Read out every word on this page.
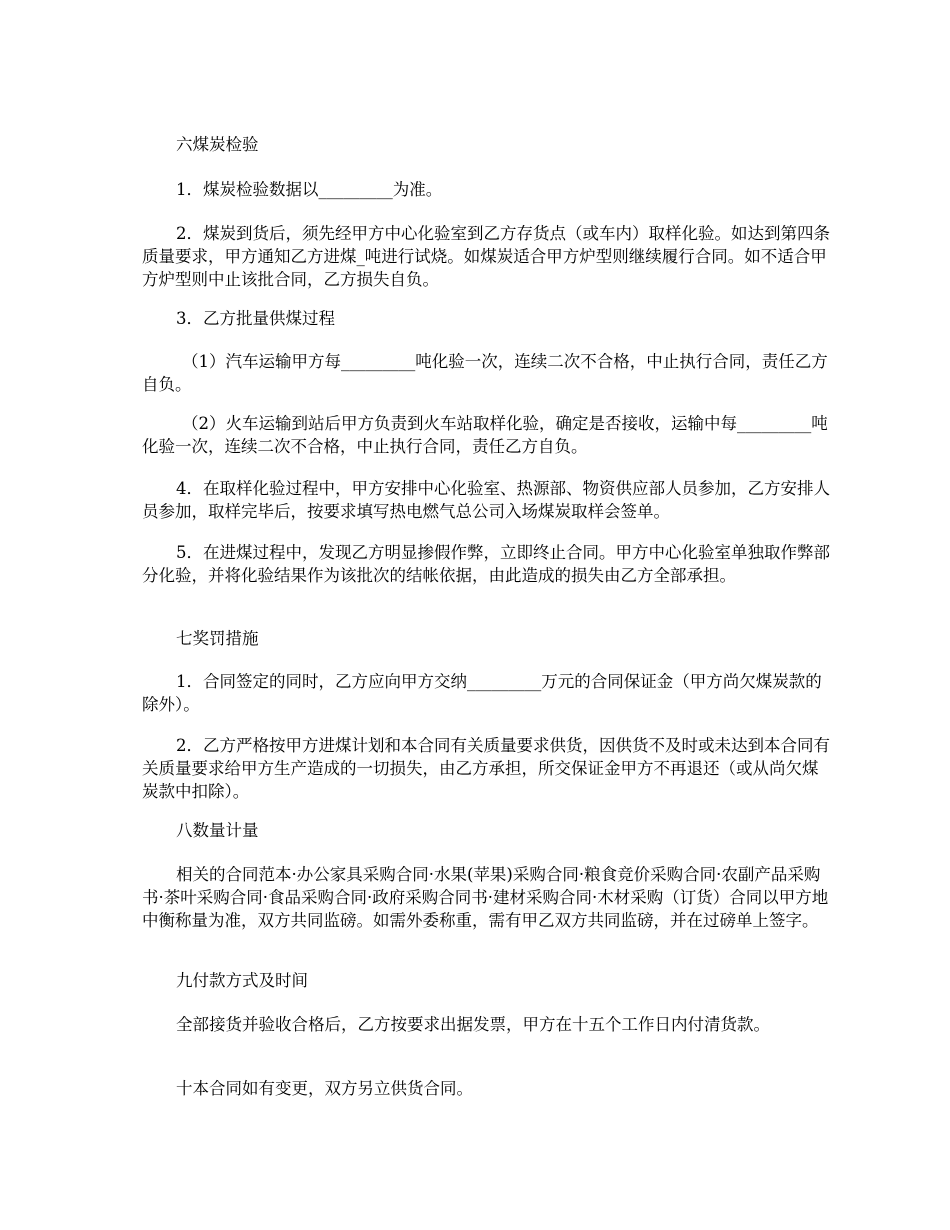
六煤炭检验

1．煤炭检验数据以_________为准。

2．煤炭到货后，须先经甲方中心化验室到乙方存货点（或车内）取样化验。如达到第四条质量要求，甲方通知乙方进煤_吨进行试烧。如煤炭适合甲方炉型则继续履行合同。如不适合甲方炉型则中止该批合同，乙方损失自负。

3．乙方批量供煤过程

（1）汽车运输甲方每_________吨化验一次，连续二次不合格，中止执行合同，责任乙方自负。

（2）火车运输到站后甲方负责到火车站取样化验，确定是否接收，运输中每_________吨化验一次，连续二次不合格，中止执行合同，责任乙方自负。

4．在取样化验过程中，甲方安排中心化验室、热源部、物资供应部人员参加，乙方安排人员参加，取样完毕后，按要求填写热电燃气总公司入场煤炭取样会签单。

5．在进煤过程中，发现乙方明显掺假作弊，立即终止合同。甲方中心化验室单独取作弊部分化验，并将化验结果作为该批次的结帐依据，由此造成的损失由乙方全部承担。

七奖罚措施

1．合同签定的同时，乙方应向甲方交纳_________万元的合同保证金（甲方尚欠煤炭款的除外）。

2．乙方严格按甲方进煤计划和本合同有关质量要求供货，因供货不及时或未达到本合同有关质量要求给甲方生产造成的一切损失，由乙方承担，所交保证金甲方不再退还（或从尚欠煤炭款中扣除）。

八数量计量

相关的合同范本·办公家具采购合同·水果(苹果)采购合同·粮食竞价采购合同·农副产品采购书·茶叶采购合同·食品采购合同·政府采购合同书·建材采购合同·木材采购（订货）合同以甲方地中衡称量为准，双方共同监磅。如需外委称重，需有甲乙双方共同监磅，并在过磅单上签字。

九付款方式及时间

全部接货并验收合格后，乙方按要求出据发票，甲方在十五个工作日内付清货款。

十本合同如有变更，双方另立供货合同。
